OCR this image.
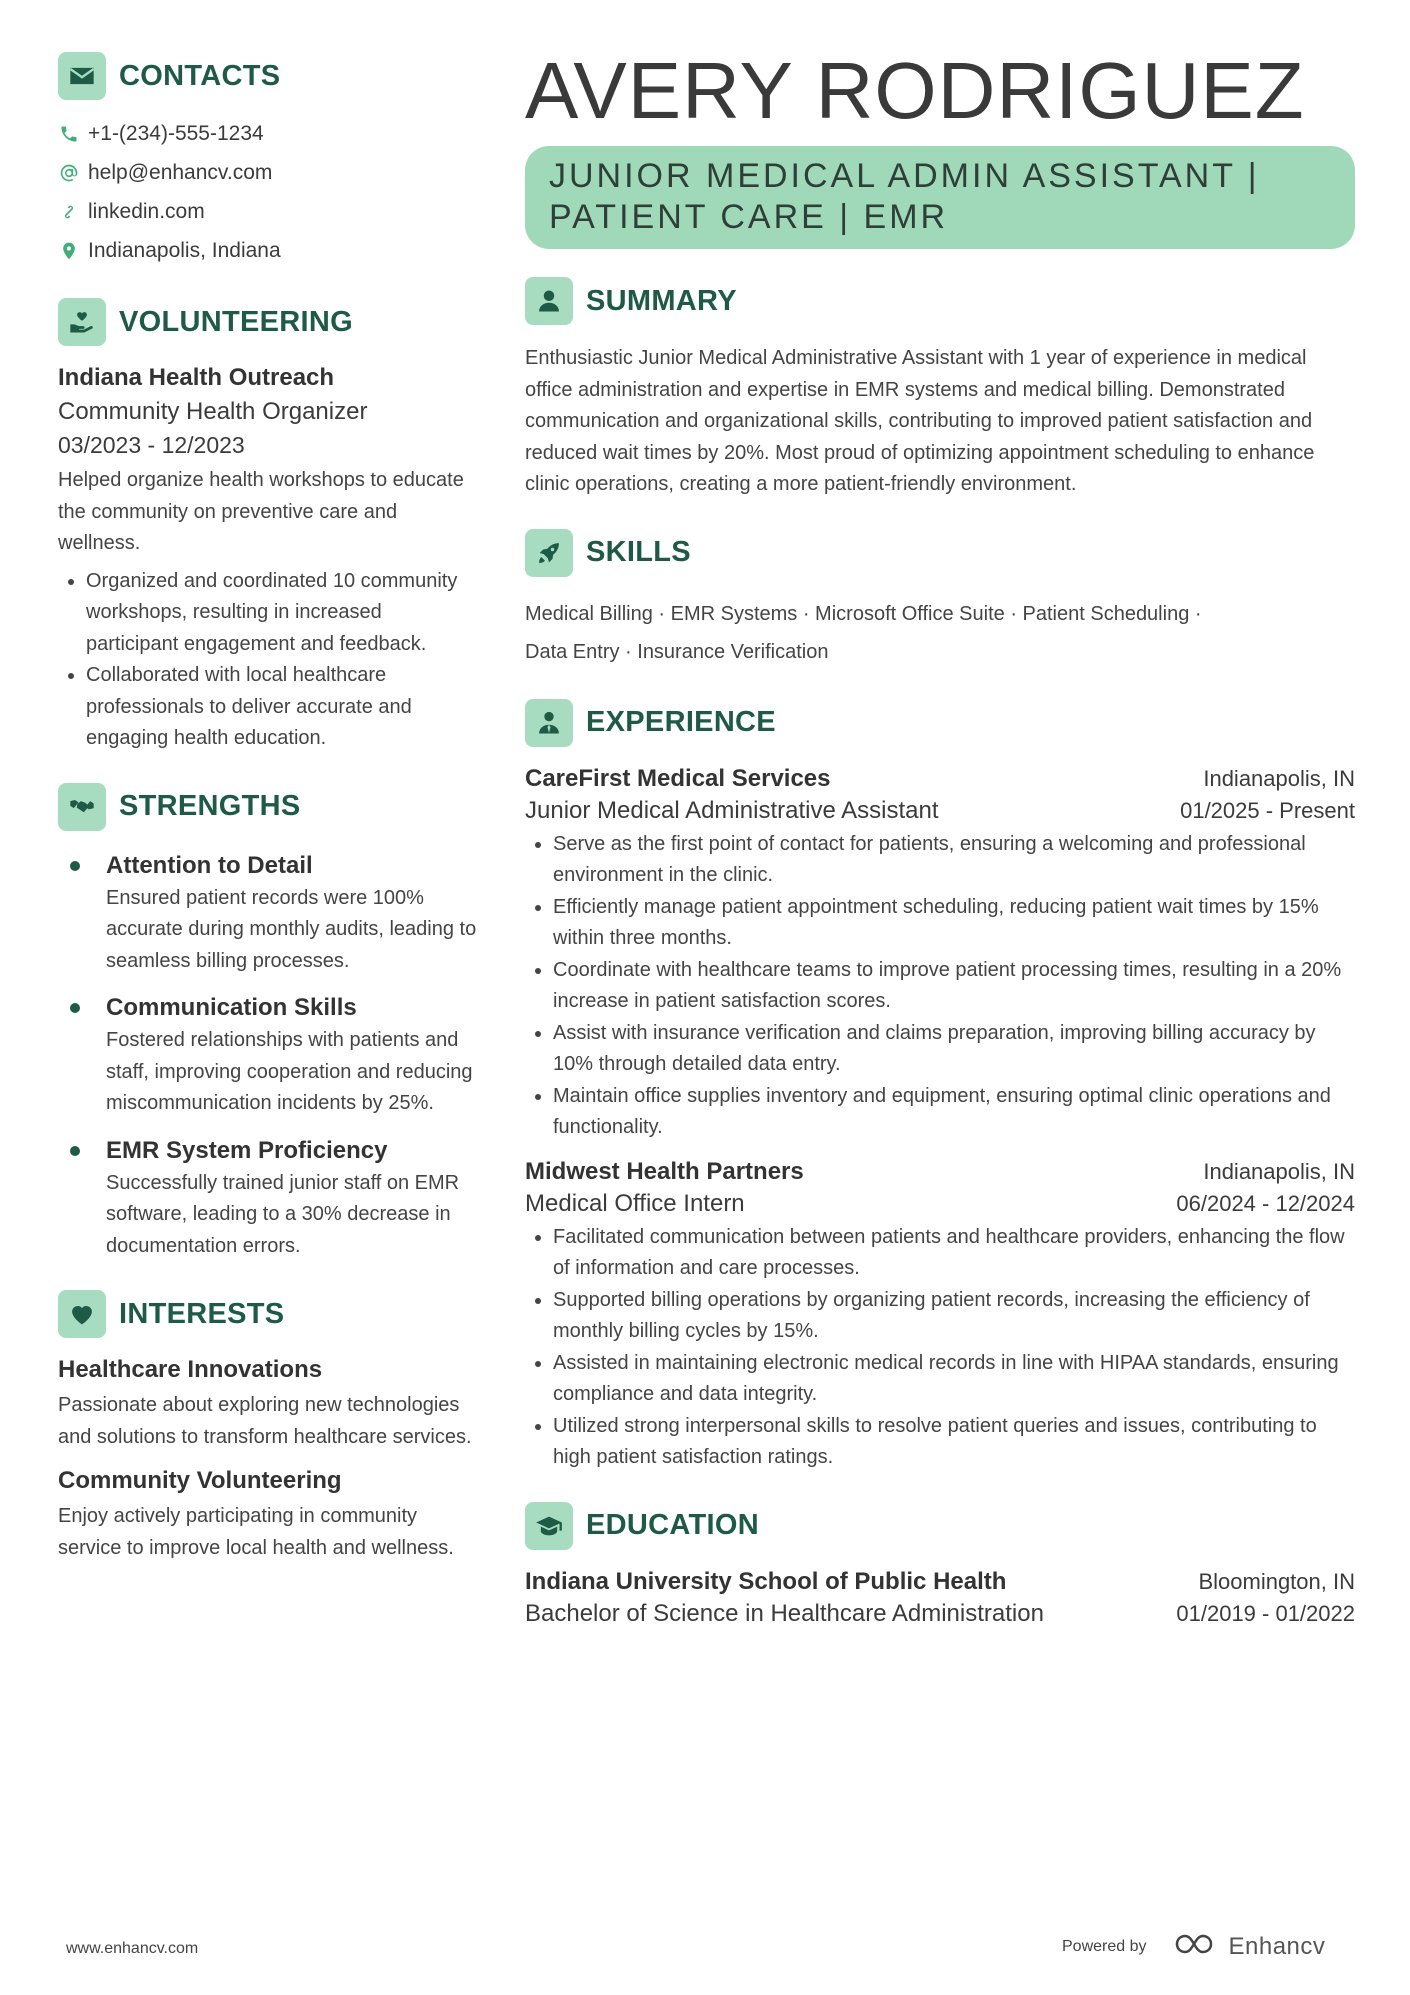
CONTACTS
+1-(234)-555-1234
help@enhancv.com
linkedin.com
Indianapolis, Indiana
VOLUNTEERING
Indiana Health Outreach
Community Health Organizer
03/2023 - 12/2023
Helped organize health workshops to educate the community on preventive care and wellness.
• Organized and coordinated 10 community workshops, resulting in increased participant engagement and feedback.
• Collaborated with local healthcare professionals to deliver accurate and engaging health education.
STRENGTHS
Attention to Detail
Ensured patient records were 100% accurate during monthly audits, leading to seamless billing processes.
Communication Skills
Fostered relationships with patients and staff, improving cooperation and reducing miscommunication incidents by 25%.
EMR System Proficiency
Successfully trained junior staff on EMR software, leading to a 30% decrease in documentation errors.
INTERESTS
Healthcare Innovations
Passionate about exploring new technologies and solutions to transform healthcare services.
Community Volunteering
Enjoy actively participating in community service to improve local health and wellness.
AVERY RODRIGUEZ
JUNIOR MEDICAL ADMIN ASSISTANT | PATIENT CARE | EMR
SUMMARY
Enthusiastic Junior Medical Administrative Assistant with 1 year of experience in medical office administration and expertise in EMR systems and medical billing. Demonstrated communication and organizational skills, contributing to improved patient satisfaction and reduced wait times by 20%. Most proud of optimizing appointment scheduling to enhance clinic operations, creating a more patient-friendly environment.
SKILLS
Medical Billing · EMR Systems · Microsoft Office Suite · Patient Scheduling ·
Data Entry · Insurance Verification
EXPERIENCE
CareFirst Medical Services	Indianapolis, IN
Junior Medical Administrative Assistant	01/2025 - Present
• Serve as the first point of contact for patients, ensuring a welcoming and professional environment in the clinic.
• Efficiently manage patient appointment scheduling, reducing patient wait times by 15% within three months.
• Coordinate with healthcare teams to improve patient processing times, resulting in a 20% increase in patient satisfaction scores.
• Assist with insurance verification and claims preparation, improving billing accuracy by 10% through detailed data entry.
• Maintain office supplies inventory and equipment, ensuring optimal clinic operations and functionality.
Midwest Health Partners	Indianapolis, IN
Medical Office Intern	06/2024 - 12/2024
• Facilitated communication between patients and healthcare providers, enhancing the flow of information and care processes.
• Supported billing operations by organizing patient records, increasing the efficiency of monthly billing cycles by 15%.
• Assisted in maintaining electronic medical records in line with HIPAA standards, ensuring compliance and data integrity.
• Utilized strong interpersonal skills to resolve patient queries and issues, contributing to high patient satisfaction ratings.
EDUCATION
Indiana University School of Public Health	Bloomington, IN
Bachelor of Science in Healthcare Administration	01/2019 - 01/2022
www.enhancv.com	Powered by	Enhancv
